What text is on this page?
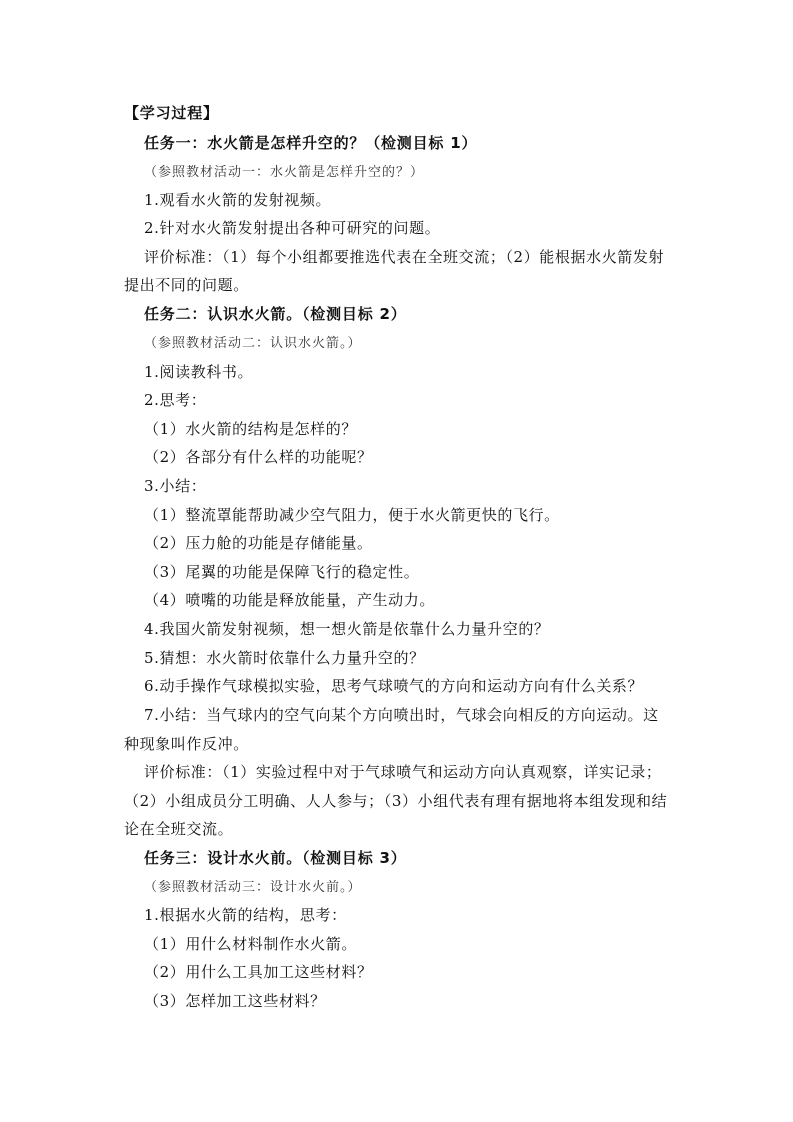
【学习过程】
任务一：水火箭是怎样升空的？（检测目标 1）
（参照教材活动一：水火箭是怎样升空的？）
1.观看水火箭的发射视频。
2.针对水火箭发射提出各种可研究的问题。
评价标准：（1）每个小组都要推选代表在全班交流；（2）能根据水火箭发射
提出不同的问题。
任务二：认识水火箭。（检测目标 2）
（参照教材活动二：认识水火箭。）
1.阅读教科书。
2.思考：
（1）水火箭的结构是怎样的？
（2）各部分有什么样的功能呢？
3.小结：
（1）整流罩能帮助减少空气阻力，便于水火箭更快的飞行。
（2）压力舱的功能是存储能量。
（3）尾翼的功能是保障飞行的稳定性。
（4）喷嘴的功能是释放能量，产生动力。
4.我国火箭发射视频，想一想火箭是依靠什么力量升空的？
5.猜想：水火箭时依靠什么力量升空的？
6.动手操作气球模拟实验，思考气球喷气的方向和运动方向有什么关系？
7.小结：当气球内的空气向某个方向喷出时，气球会向相反的方向运动。这
种现象叫作反冲。
评价标准：（1）实验过程中对于气球喷气和运动方向认真观察，详实记录；
（2）小组成员分工明确、人人参与；（3）小组代表有理有据地将本组发现和结
论在全班交流。
任务三：设计水火前。（检测目标 3）
（参照教材活动三：设计水火前。）
1.根据水火箭的结构，思考：
（1）用什么材料制作水火箭。
（2）用什么工具加工这些材料？
（3）怎样加工这些材料？
